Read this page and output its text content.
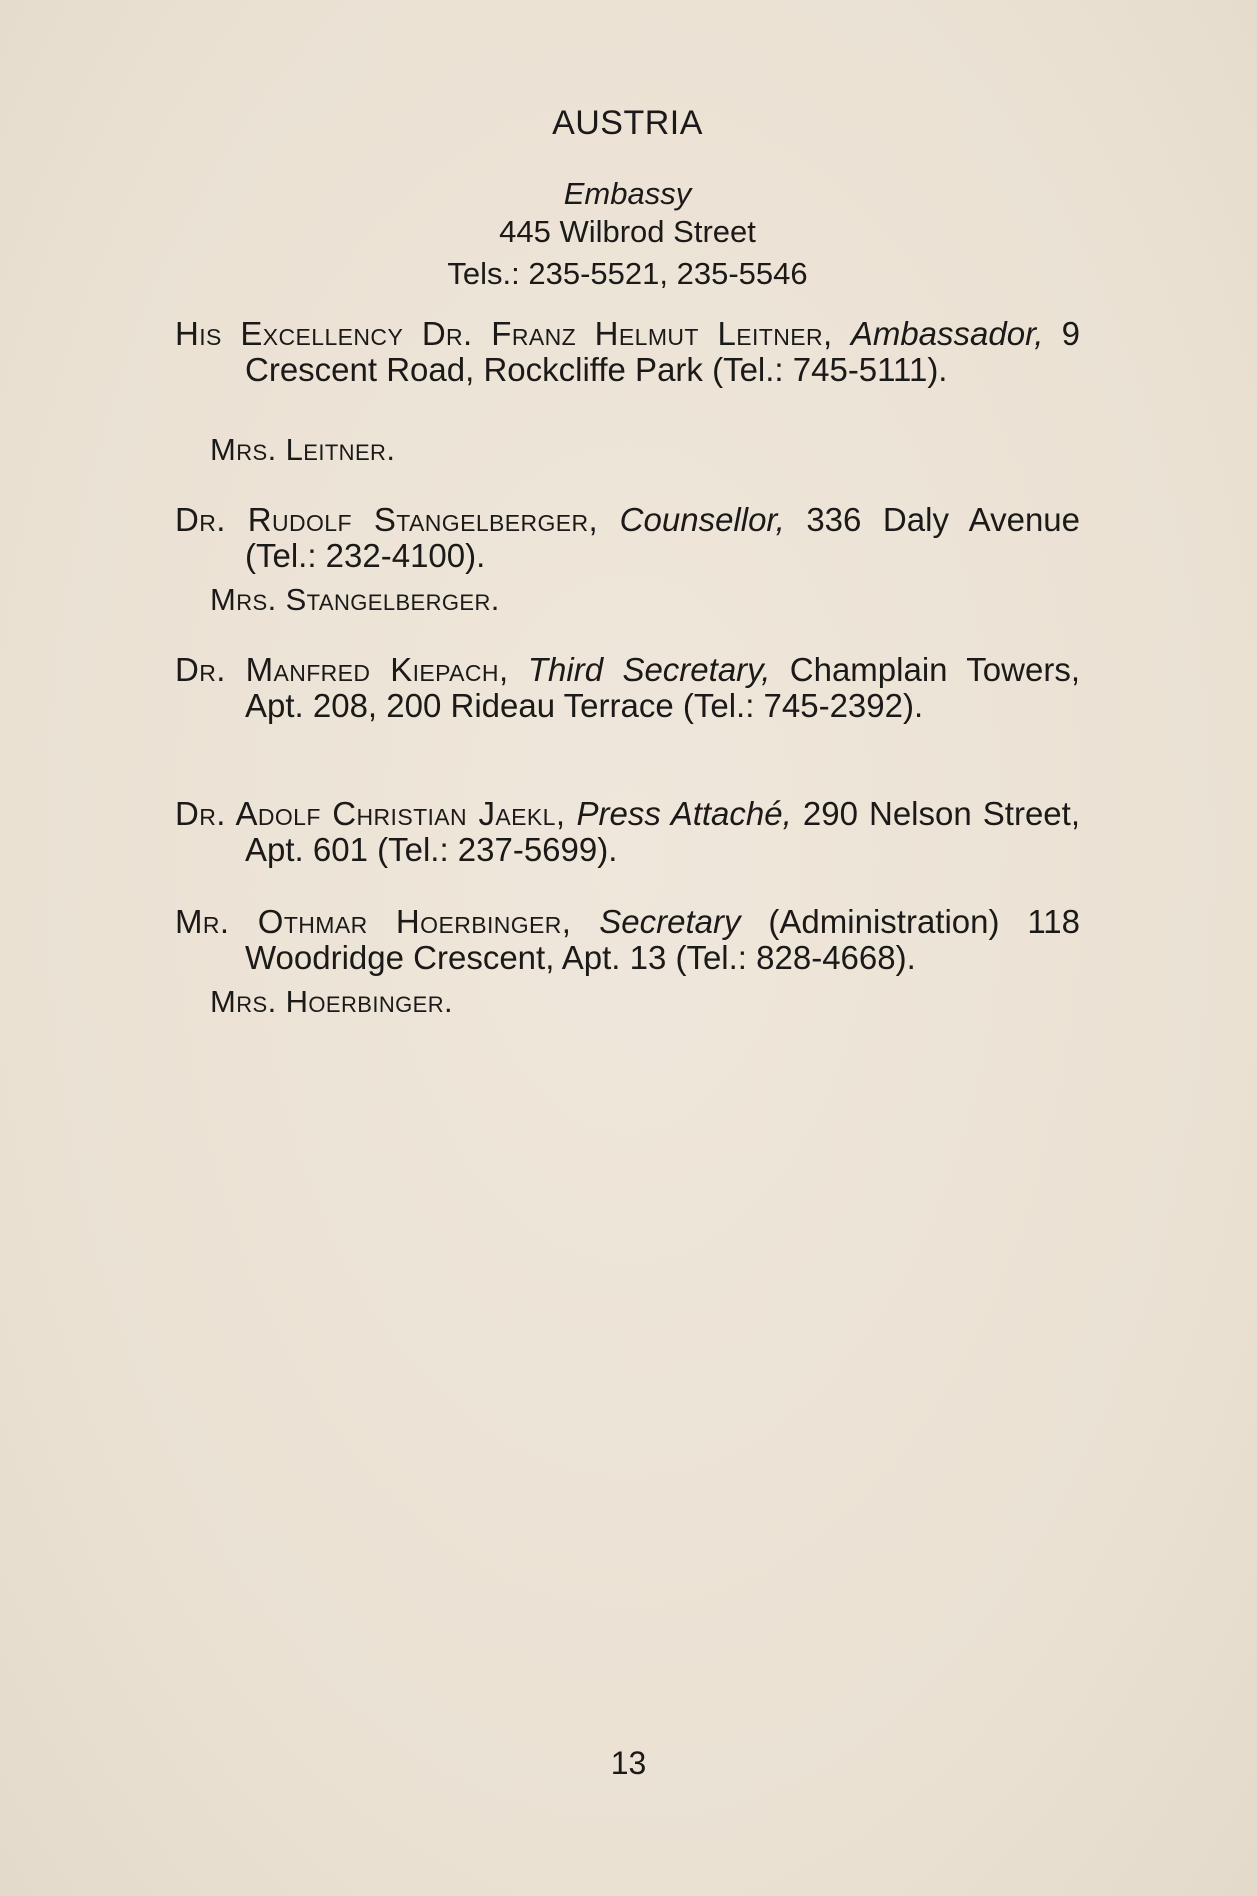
AUSTRIA
Embassy
445 Wilbrod Street
Tels.: 235-5521, 235-5546
His Excellency Dr. Franz Helmut Leitner, Ambassador, 9 Crescent Road, Rockcliffe Park (Tel.: 745-5111).
Mrs. Leitner.
Dr. Rudolf Stangelberger, Counsellor, 336 Daly Avenue (Tel.: 232-4100).
Mrs. Stangelberger.
Dr. Manfred Kiepach, Third Secretary, Champlain Towers, Apt. 208, 200 Rideau Terrace (Tel.: 745-2392).
Dr. Adolf Christian Jaekl, Press Attaché, 290 Nelson Street, Apt. 601 (Tel.: 237-5699).
Mr. Othmar Hoerbinger, Secretary (Administration) 118 Woodridge Crescent, Apt. 13 (Tel.: 828-4668).
Mrs. Hoerbinger.
13
